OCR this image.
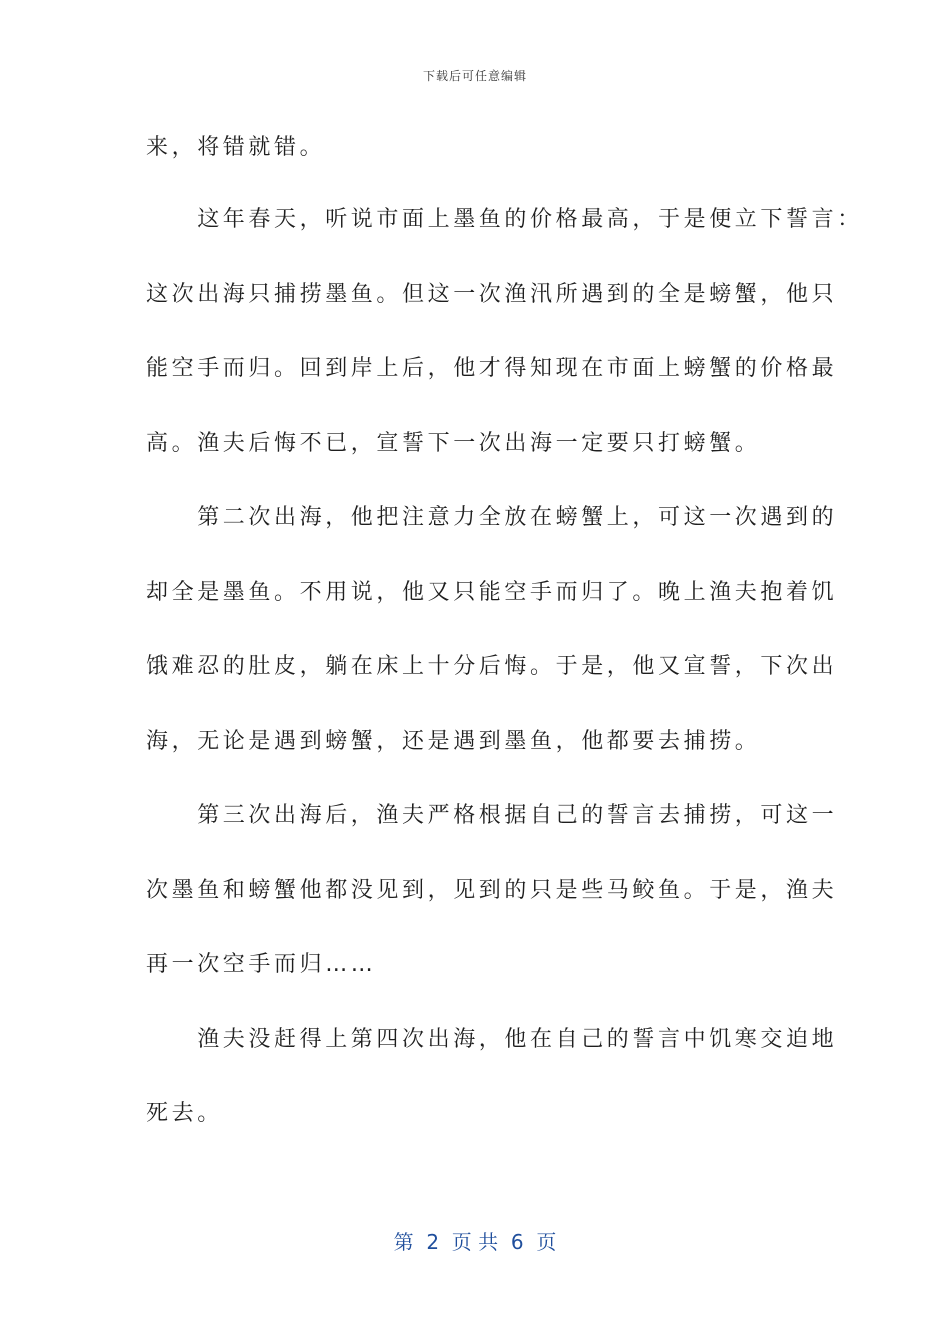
下载后可任意编辑
来，将错就错。
　　这年春天，听说市面上墨鱼的价格最高，于是便立下誓言：
这次出海只捕捞墨鱼。但这一次渔汛所遇到的全是螃蟹，他只
能空手而归。回到岸上后，他才得知现在市面上螃蟹的价格最
高。渔夫后悔不已，宣誓下一次出海一定要只打螃蟹。
　　第二次出海，他把注意力全放在螃蟹上，可这一次遇到的
却全是墨鱼。不用说，他又只能空手而归了。晚上渔夫抱着饥
饿难忍的肚皮，躺在床上十分后悔。于是，他又宣誓，下次出
海，无论是遇到螃蟹，还是遇到墨鱼，他都要去捕捞。
　　第三次出海后，渔夫严格根据自己的誓言去捕捞，可这一
次墨鱼和螃蟹他都没见到，见到的只是些马鲛鱼。于是，渔夫
再一次空手而归……
　　渔夫没赶得上第四次出海，他在自己的誓言中饥寒交迫地
死去。
第  2  页 共  6  页
